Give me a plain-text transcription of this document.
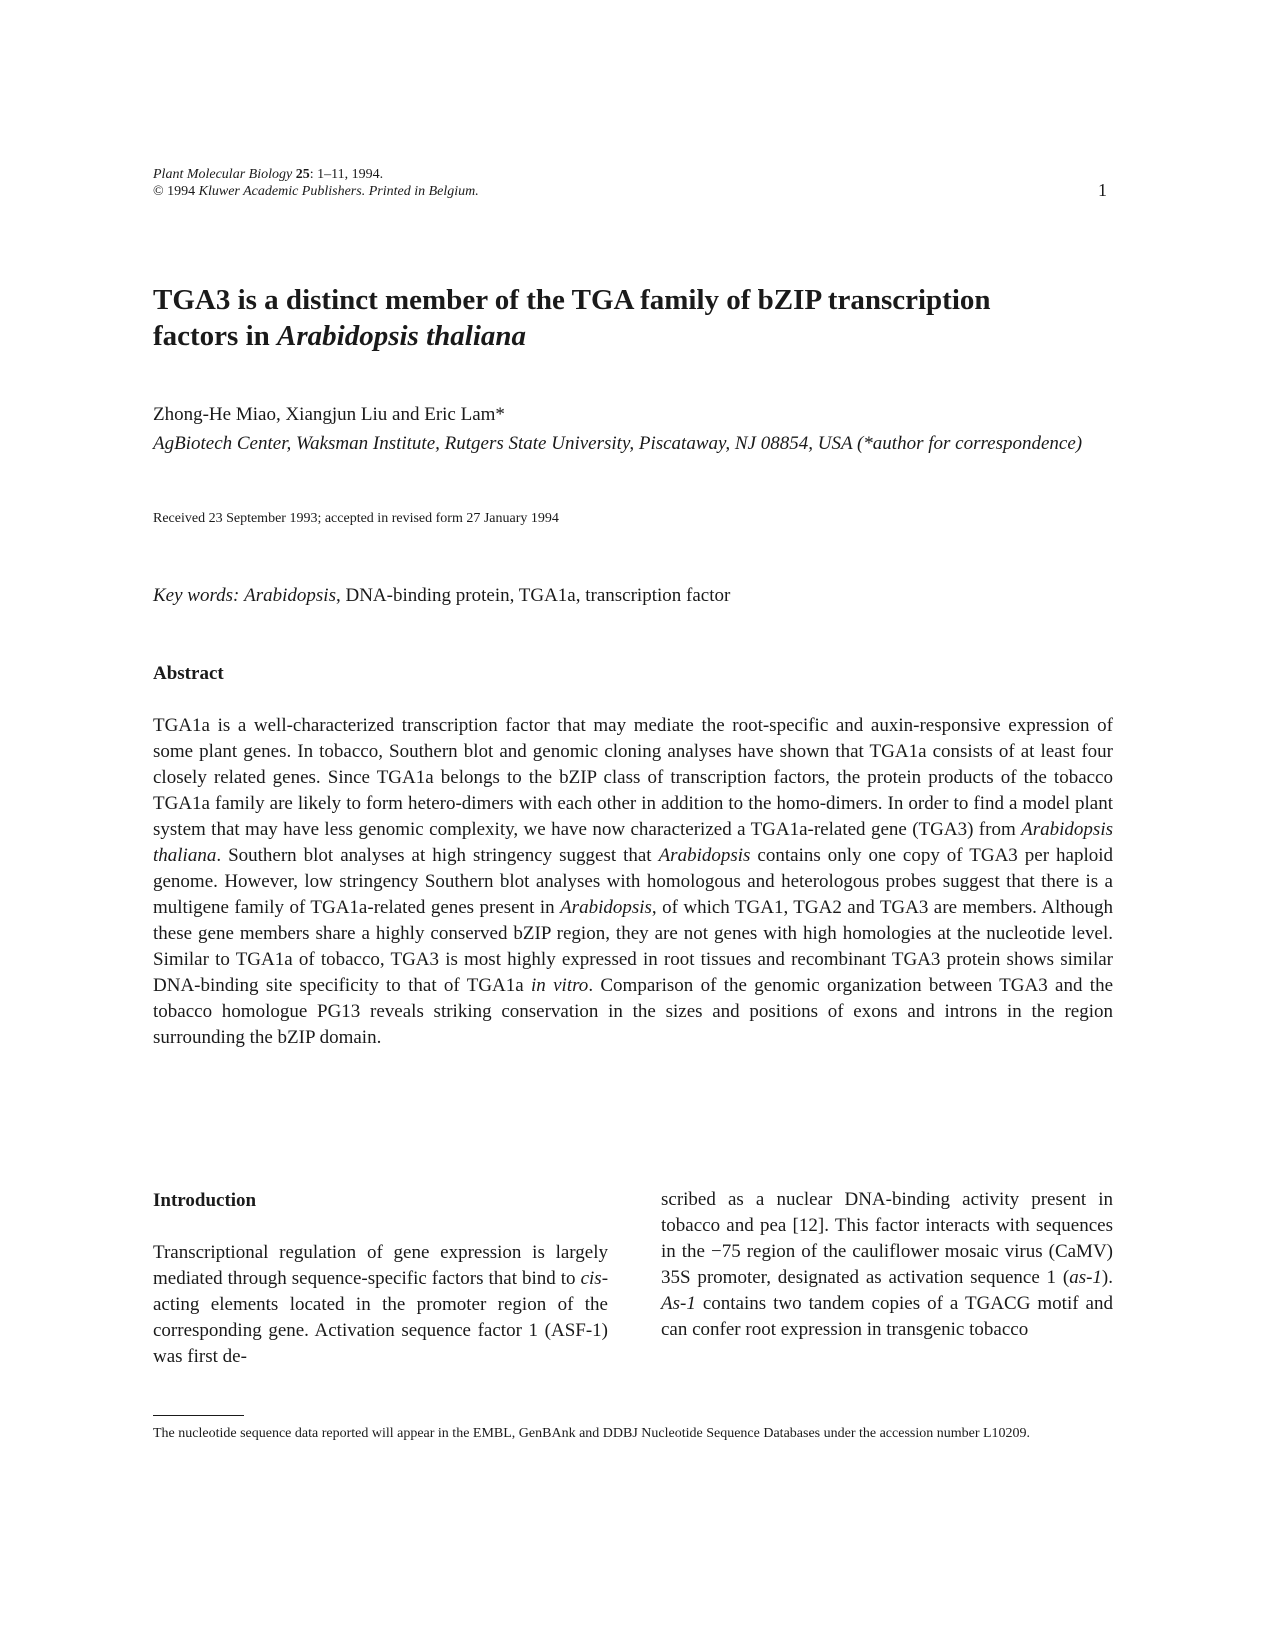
Plant Molecular Biology 25: 1–11, 1994.
© 1994 Kluwer Academic Publishers. Printed in Belgium.	1
TGA3 is a distinct member of the TGA family of bZIP transcription
factors in Arabidopsis thaliana
Zhong-He Miao, Xiangjun Liu and Eric Lam*
AgBiotech Center, Waksman Institute, Rutgers State University, Piscataway, NJ 08854, USA (*author for correspondence)
Received 23 September 1993; accepted in revised form 27 January 1994
Key words: Arabidopsis, DNA-binding protein, TGA1a, transcription factor
Abstract

TGA1a is a well-characterized transcription factor that may mediate the root-specific and auxin-responsive expression of some plant genes. In tobacco, Southern blot and genomic cloning analyses have shown that TGA1a consists of at least four closely related genes. Since TGA1a belongs to the bZIP class of transcription factors, the protein products of the tobacco TGA1a family are likely to form hetero-dimers with each other in addition to the homo-dimers. In order to find a model plant system that may have less genomic complexity, we have now characterized a TGA1a-related gene (TGA3) from Arabidopsis thaliana. Southern blot analyses at high stringency suggest that Arabidopsis contains only one copy of TGA3 per haploid genome. However, low stringency Southern blot analyses with homologous and heterologous probes suggest that there is a multigene family of TGA1a-related genes present in Arabidopsis, of which TGA1, TGA2 and TGA3 are members. Although these gene members share a highly conserved bZIP region, they are not genes with high homologies at the nucleotide level. Similar to TGA1a of tobacco, TGA3 is most highly expressed in root tissues and recombinant TGA3 protein shows similar DNA-binding site specificity to that of TGA1a in vitro. Comparison of the genomic organization between TGA3 and the tobacco homologue PG13 reveals striking conservation in the sizes and positions of exons and introns in the region surrounding the bZIP domain.

Introduction

Transcriptional regulation of gene expression is largely mediated through sequence-specific factors that bind to cis-acting elements located in the promoter region of the corresponding gene. Activation sequence factor 1 (ASF-1) was first de-

scribed as a nuclear DNA-binding activity present in tobacco and pea [12]. This factor interacts with sequences in the −75 region of the cauliflower mosaic virus (CaMV) 35S promoter, designated as activation sequence 1 (as-1). As-1 contains two tandem copies of a TGACG motif and can confer root expression in transgenic tobacco

The nucleotide sequence data reported will appear in the EMBL, GenBAnk and DDBJ Nucleotide Sequence Databases under the accession number L10209.
